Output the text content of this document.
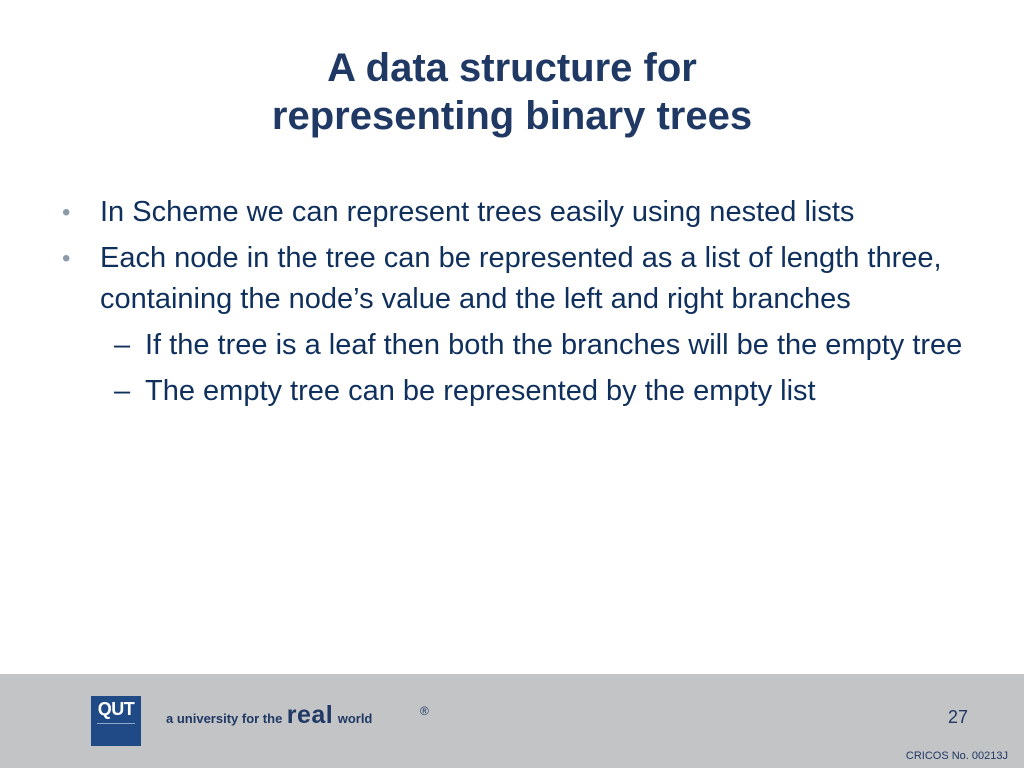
A data structure for
representing binary trees
• In Scheme we can represent trees easily using nested lists
• Each node in the tree can be represented as a list of length three, containing the node’s value and the left and right branches
– If the tree is a leaf then both the branches will be the empty tree
– The empty tree can be represented by the empty list
QUT	a university for the real world	®	27
CRICOS No. 00213J
